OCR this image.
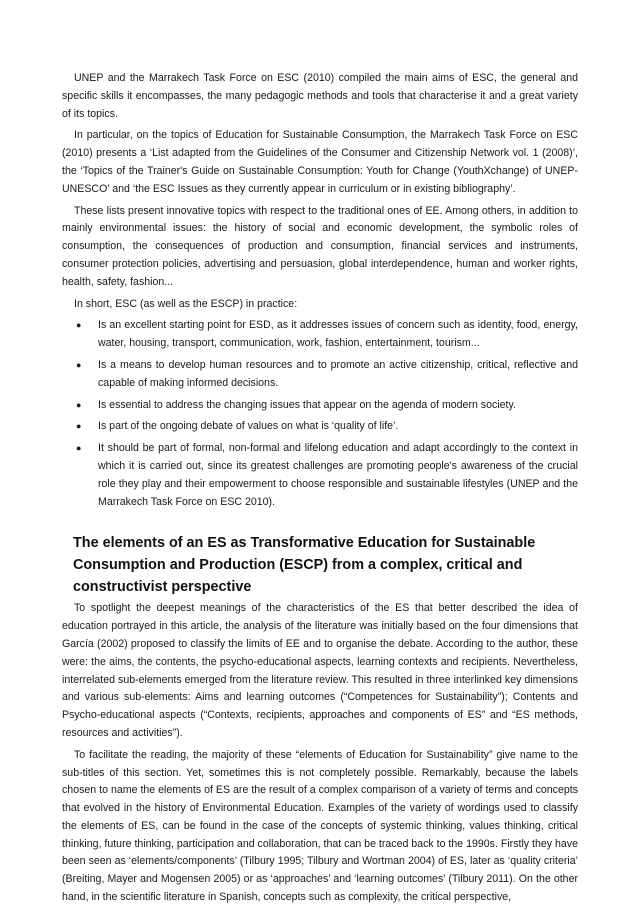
UNEP and the Marrakech Task Force on ESC (2010) compiled the main aims of ESC, the general and specific skills it encompasses, the many pedagogic methods and tools that characterise it and a great variety of its topics.

In particular, on the topics of Education for Sustainable Consumption, the Marrakech Task Force on ESC (2010) presents a ‘List adapted from the Guidelines of the Consumer and Citizenship Network vol. 1 (2008)’, the ‘Topics of the Trainer's Guide on Sustainable Consumption: Youth for Change (YouthXchange) of UNEP-UNESCO’ and ‘the ESC Issues as they currently appear in curriculum or in existing bibliography’.

These lists present innovative topics with respect to the traditional ones of EE. Among others, in addition to mainly environmental issues: the history of social and economic development, the symbolic roles of consumption, the consequences of production and consumption, financial services and instruments, consumer protection policies, advertising and persuasion, global interdependence, human and worker rights, health, safety, fashion...

In short, ESC (as well as the ESCP) in practice:

● Is an excellent starting point for ESD, as it addresses issues of concern such as identity, food, energy, water, housing, transport, communication, work, fashion, entertainment, tourism...
● Is a means to develop human resources and to promote an active citizenship, critical, reflective and capable of making informed decisions.
● Is essential to address the changing issues that appear on the agenda of modern society.
● Is part of the ongoing debate of values on what is ‘quality of life’.
● It should be part of formal, non-formal and lifelong education and adapt accordingly to the context in which it is carried out, since its greatest challenges are promoting people's awareness of the crucial role they play and their empowerment to choose responsible and sustainable lifestyles (UNEP and the Marrakech Task Force on ESC 2010).
The elements of an ES as Transformative Education for Sustainable Consumption and Production (ESCP) from a complex, critical and constructivist perspective

To spotlight the deepest meanings of the characteristics of the ES that better described the idea of education portrayed in this article, the analysis of the literature was initially based on the four dimensions that García (2002) proposed to classify the limits of EE and to organise the debate. According to the author, these were: the aims, the contents, the psycho-educational aspects, learning contexts and recipients. Nevertheless, interrelated sub-elements emerged from the literature review. This resulted in three interlinked key dimensions and various sub-elements: Aims and learning outcomes (“Competences for Sustainability”); Contents and Psycho-educational aspects (“Contexts, recipients, approaches and components of ES” and “ES methods, resources and activities”).

To facilitate the reading, the majority of these “elements of Education for Sustainability” give name to the sub-titles of this section. Yet, sometimes this is not completely possible. Remarkably, because the labels chosen to name the elements of ES are the result of a complex comparison of a variety of terms and concepts that evolved in the history of Environmental Education. Examples of the variety of wordings used to classify the elements of ES, can be found in the case of the concepts of systemic thinking, values thinking, critical thinking, future thinking, participation and collaboration, that can be traced back to the 1990s. Firstly they have been seen as ‘elements/components’ (Tilbury 1995; Tilbury and Wortman 2004) of ES, later as ‘quality criteria’ (Breiting, Mayer and Mogensen 2005) or as ‘approaches’ and ‘learning outcomes’ (Tilbury 2011). On the other hand, in the scientific literature in Spanish, concepts such as complexity, the critical perspective,
